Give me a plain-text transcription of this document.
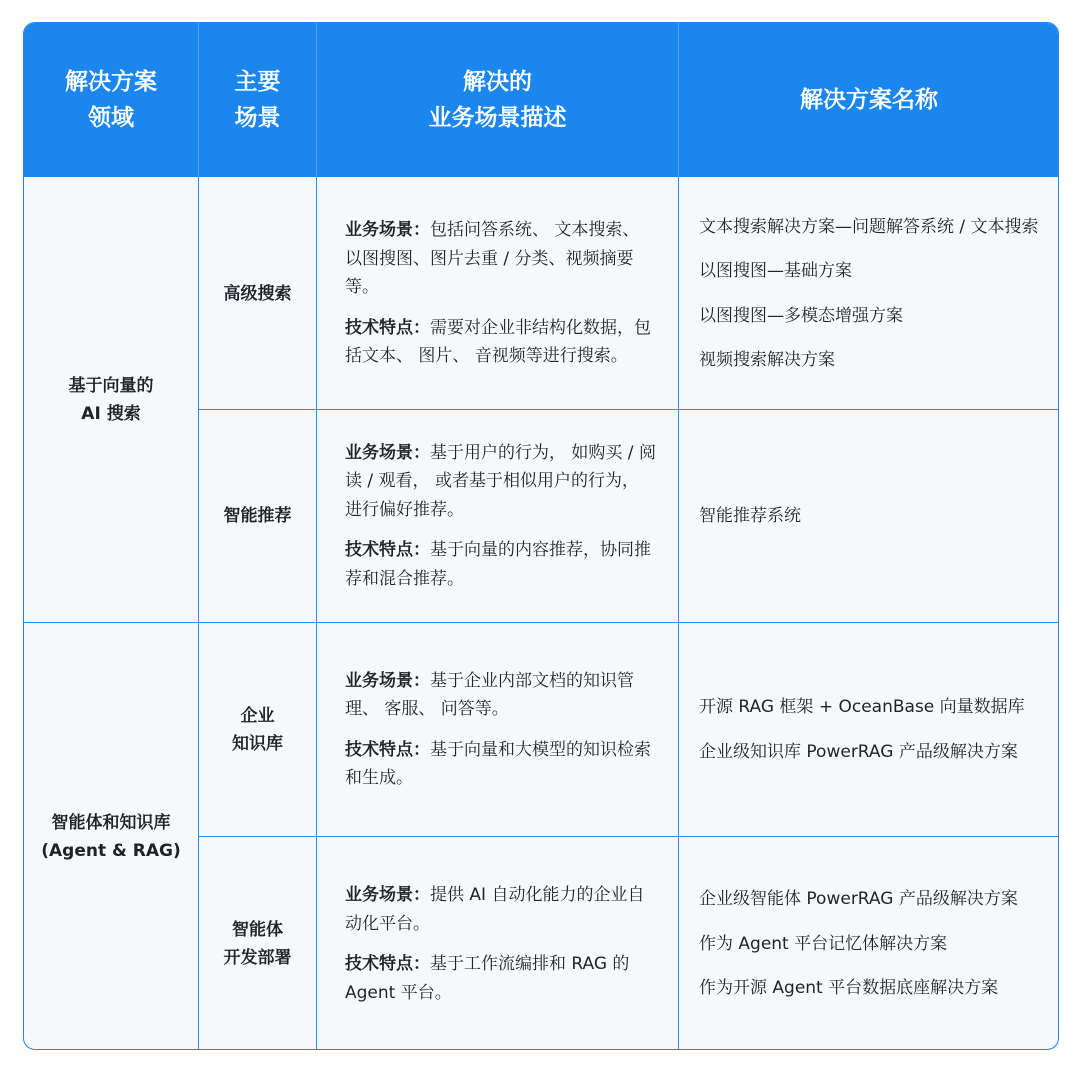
解决方案
领域
主要
场景
解决的
业务场景描述
解决方案名称
基于向量的
AI 搜索
智能体和知识库
(Agent & RAG)
高级搜索

业务场景：包括问答系统、 文本搜索、以图搜图、图片去重 / 分类、视频摘要等。

技术特点：需要对企业非结构化数据，包括文本、 图片、 音视频等进行搜索。

文本搜索解决方案—问题解答系统 / 文本搜索
以图搜图—基础方案
以图搜图—多模态增强方案
视频搜索解决方案
智能推荐

业务场景：基于用户的行为， 如购买 / 阅读 / 观看， 或者基于相似用户的行为， 进行偏好推荐。

技术特点：基于向量的内容推荐，协同推荐和混合推荐。

智能推荐系统
企业
知识库

业务场景：基于企业内部文档的知识管理、 客服、 问答等。

技术特点：基于向量和大模型的知识检索和生成。

开源 RAG 框架 + OceanBase 向量数据库
企业级知识库 PowerRAG 产品级解决方案
智能体
开发部署

业务场景：提供 AI 自动化能力的企业自动化平台。

技术特点：基于工作流编排和 RAG 的 Agent 平台。

企业级智能体 PowerRAG 产品级解决方案
作为 Agent 平台记忆体解决方案
作为开源 Agent 平台数据底座解决方案
